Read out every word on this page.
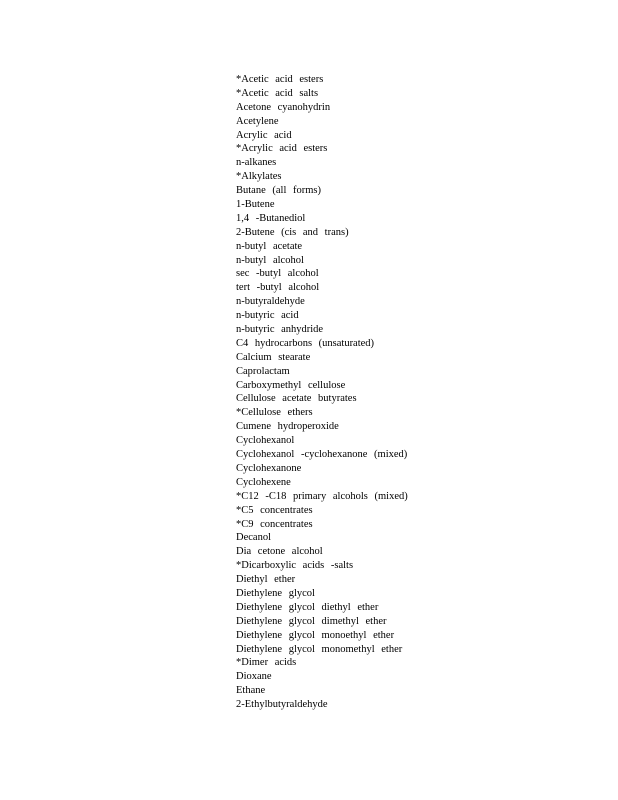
*Acetic acid esters
*Acetic acid salts
Acetone cyanohydrin
Acetylene
Acrylic acid
*Acrylic acid esters
n-alkanes
*Alkylates
Butane (all forms)
1-Butene
1,4 -Butanediol
2-Butene (cis and trans)
n-butyl acetate
n-butyl alcohol
sec -butyl alcohol
tert -butyl alcohol
n-butyraldehyde
n-butyric acid
n-butyric anhydride
C4 hydrocarbons (unsaturated)
Calcium stearate
Caprolactam
Carboxymethyl cellulose
Cellulose acetate butyrates
*Cellulose ethers
Cumene hydroperoxide
Cyclohexanol
Cyclohexanol -cyclohexanone (mixed)
Cyclohexanone
Cyclohexene
*C12 -C18 primary alcohols (mixed)
*C5 concentrates
*C9 concentrates
Decanol
Dia cetone alcohol
*Dicarboxylic acids -salts
Diethyl ether
Diethylene glycol
Diethylene glycol diethyl ether
Diethylene glycol dimethyl ether
Diethylene glycol monoethyl ether
Diethylene glycol monomethyl ether
*Dimer acids
Dioxane
Ethane
2-Ethylbutyraldehyde
